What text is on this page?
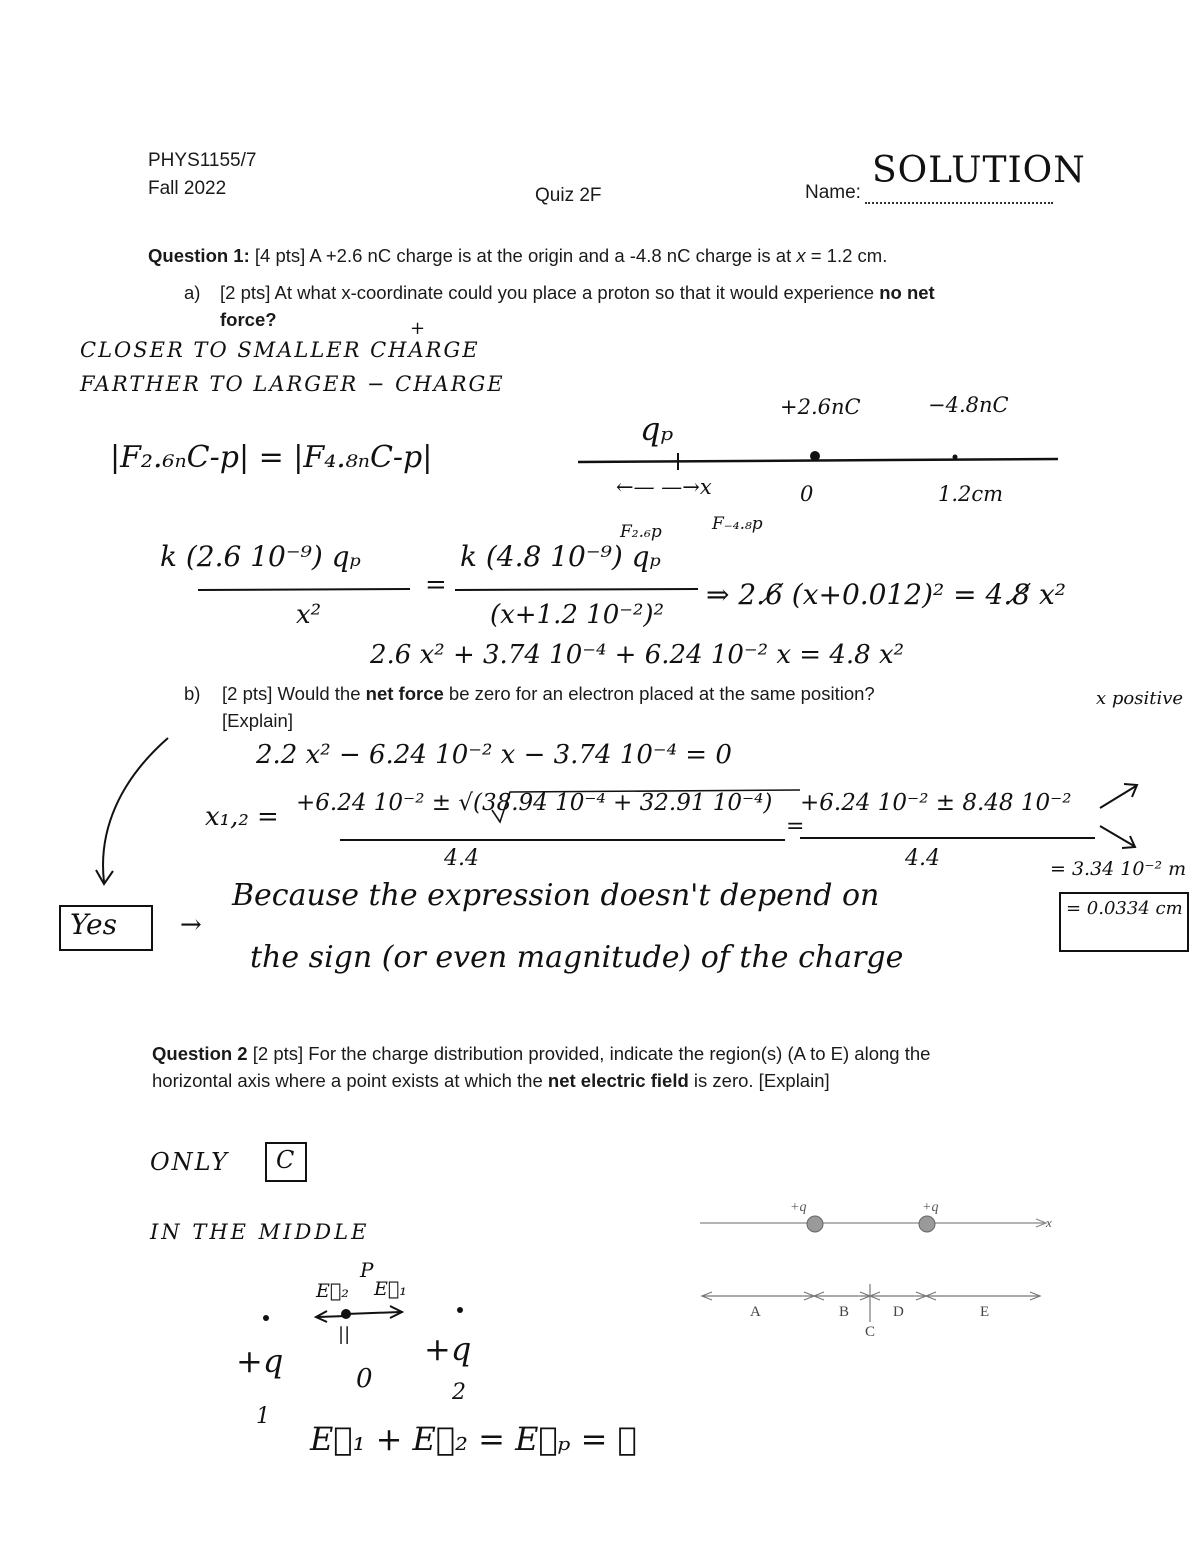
PHYS1155/7
Fall 2022	Quiz 2F	Name:
SOLUTION
Question 1: [4 pts] A +2.6 nC charge is at the origin and a -4.8 nC charge is at x = 1.2 cm.
a) [2 pts] At what x-coordinate could you place a proton so that it would experience no net
force?
CLOSER TO SMALLER CHARGE
+
FARTHER TO LARGER − CHARGE
|F₂.₆ₙC-p| = |F₄.₈ₙC-p|
qₚ
+2.6nC	−4.8nC
←— —→x	0	1.2cm
F₂.₆p	F₋₄.₈p
k (2.6 10⁻⁹) qₚ
x²
=
k (4.8 10⁻⁹) qₚ
(x+1.2 10⁻²)²
⇒ 2.6̸ (x+0.012)² = 4.8̸ x²
2.6 x² + 3.74 10⁻⁴ + 6.24 10⁻² x = 4.8 x²
b) [2 pts] Would the net force be zero for an electron placed at the same position?
[Explain]
x positive
2.2 x² − 6.24 10⁻² x − 3.74 10⁻⁴ = 0
x₁,₂ = +6.24 10⁻² ± √(38.94 10⁻⁴ + 32.91 10⁻⁴)
4.4
=
+6.24 10⁻² ± 8.48 10⁻²
4.4	= 3.34 10⁻² m
= 0.0334 cm
Yes →
Because the expression doesn't depend on
the sign (or even magnitude) of the charge
Question 2 [2 pts] For the charge distribution provided, indicate the region(s) (A to E) along the
horizontal axis where a point exists at which the net electric field is zero. [Explain]
ONLY C
IN THE MIDDLE
P
E⃗₂ E⃗₁
||
0
+q	+q
1
2
E⃗₁ + E⃗₂ = E⃗ₚ = ∅
+q	+q
x
A	B
C
D	E
